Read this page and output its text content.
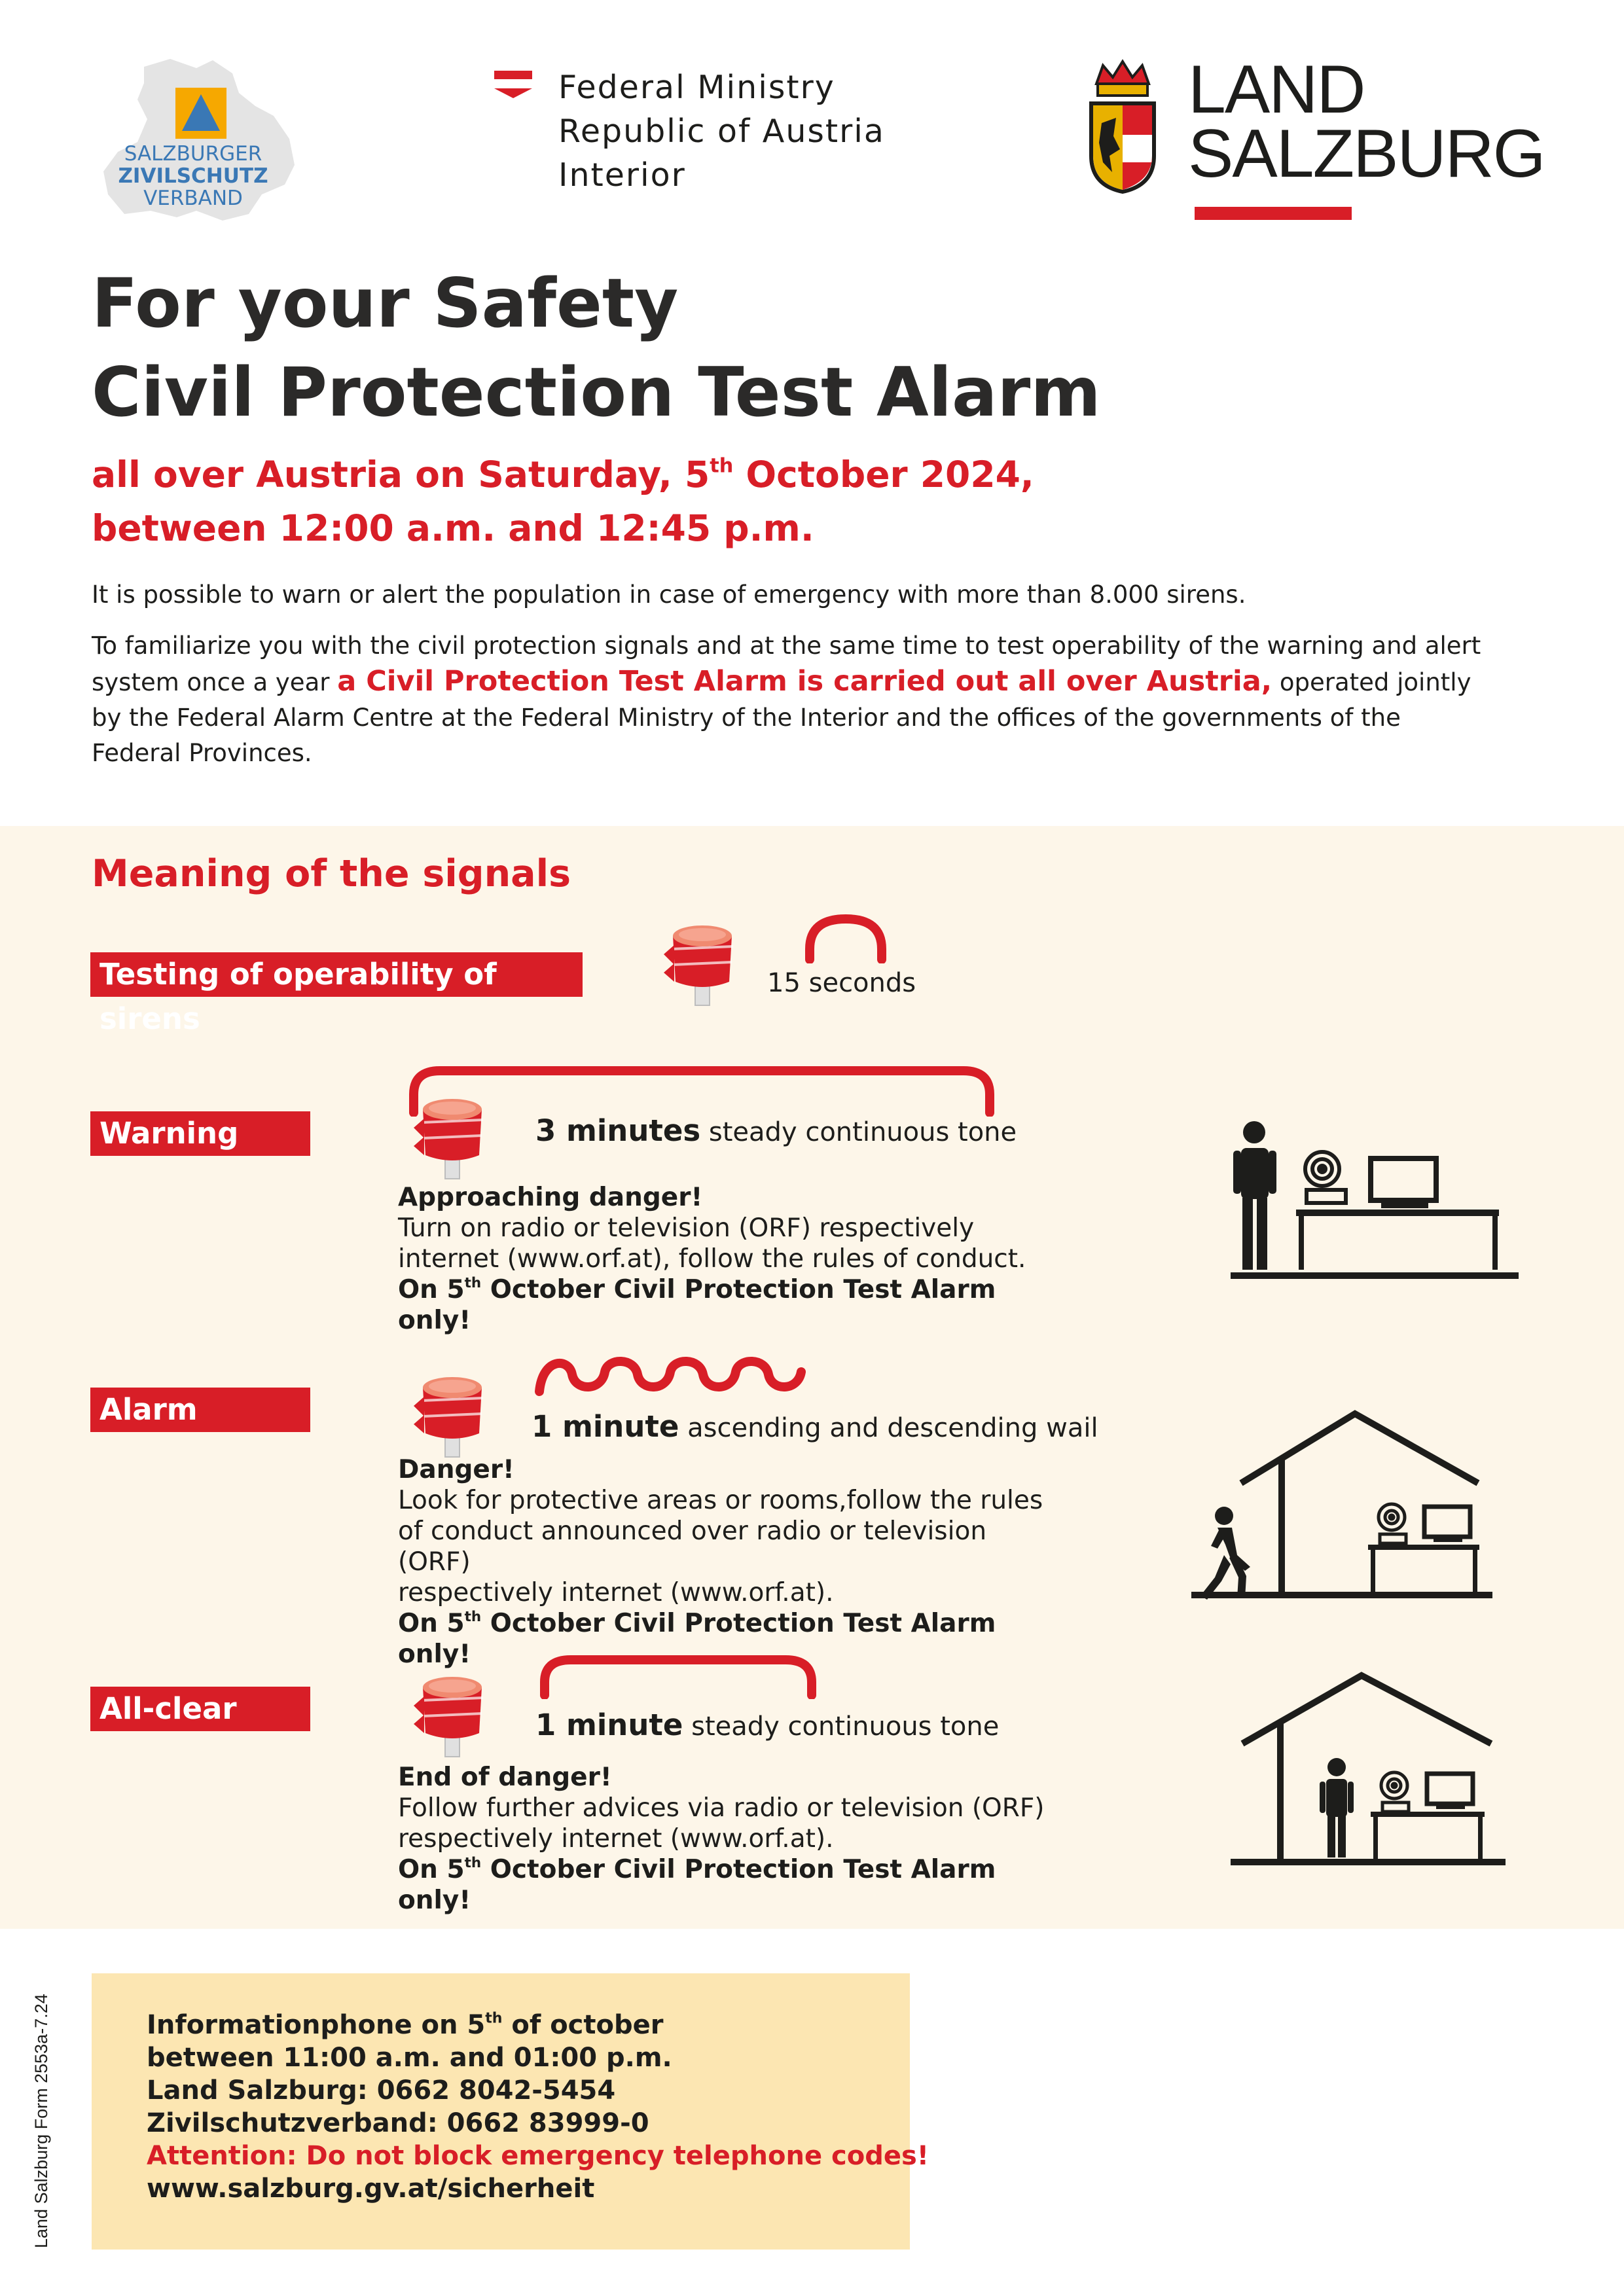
SALZBURGER
ZIVILSCHUTZ
VERBAND
Federal Ministry
Republic of Austria
Interior
LAND
SALZBURG
For your Safety
Civil Protection Test Alarm
all over Austria on Saturday, 5th October 2024,
between 12:00 a.m. and 12:45 p.m.
It is possible to warn or alert the population in case of emergency with more than 8.000 sirens.
To familiarize you with the civil protection signals and at the same time to test operability of the warning and alert system once a year a Civil Protection Test Alarm is carried out all over Austria, operated jointly by the Federal Alarm Centre at the Federal Ministry of the Interior and the offices of the governments of the Federal Provinces.
Meaning of the signals
Testing of operability of sirens
15 seconds
Warning	3 minutes steady continuous tone
Approaching danger!
Turn on radio or television (ORF) respectively
internet (www.orf.at), follow the rules of conduct.
On 5th October Civil Protection Test Alarm only!
Alarm	1 minute ascending and descending wail
Danger!
Look for protective areas or rooms,follow the rules
of conduct announced over radio or television (ORF)
respectively internet (www.orf.at).
On 5th October Civil Protection Test Alarm only!
All-clear	1 minute steady continuous tone
End of danger!
Follow further advices via radio or television (ORF)
respectively internet (www.orf.at).
On 5th October Civil Protection Test Alarm only!
Land Salzburg Form 2553a-7.24	Informationphone on 5th of october
between 11:00 a.m. and 01:00 p.m.
Land Salzburg: 0662 8042-5454
Zivilschutzverband: 0662 83999-0
Attention: Do not block emergency telephone codes!
www.salzburg.gv.at/sicherheit
